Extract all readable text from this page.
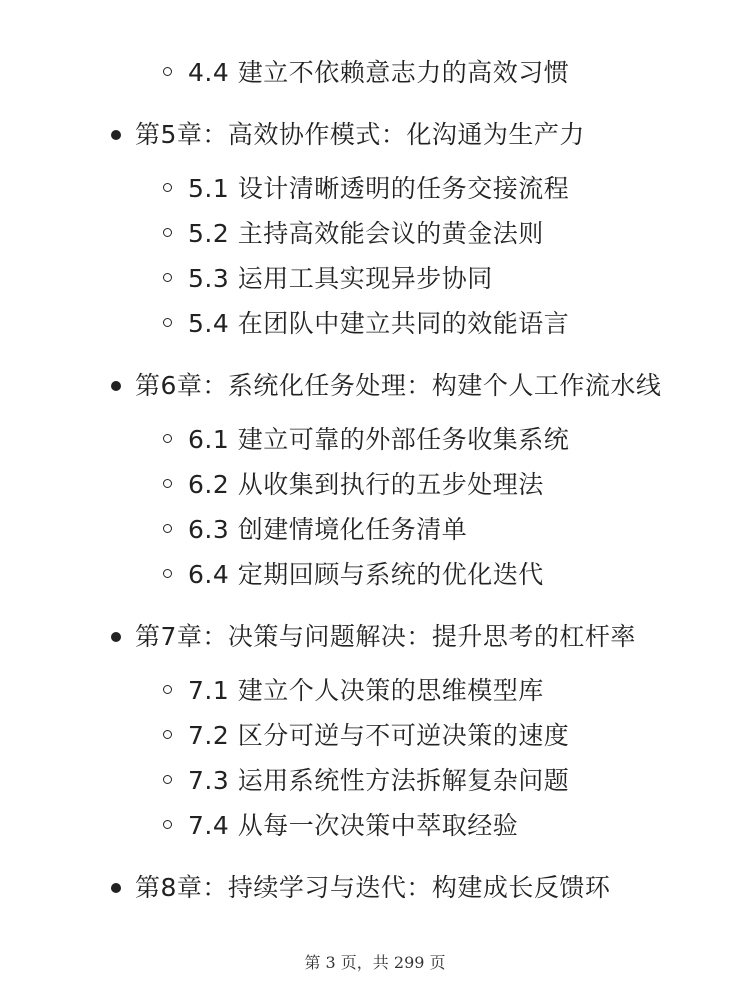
4.4 建立不依赖意志力的高效习惯
第5章：高效协作模式：化沟通为生产力
5.1 设计清晰透明的任务交接流程
5.2 主持高效能会议的黄金法则
5.3 运用工具实现异步协同
5.4 在团队中建立共同的效能语言
第6章：系统化任务处理：构建个人工作流水线
6.1 建立可靠的外部任务收集系统
6.2 从收集到执行的五步处理法
6.3 创建情境化任务清单
6.4 定期回顾与系统的优化迭代
第7章：决策与问题解决：提升思考的杠杆率
7.1 建立个人决策的思维模型库
7.2 区分可逆与不可逆决策的速度
7.3 运用系统性方法拆解复杂问题
7.4 从每一次决策中萃取经验
第8章：持续学习与迭代：构建成长反馈环
第 3 页，共 299 页
